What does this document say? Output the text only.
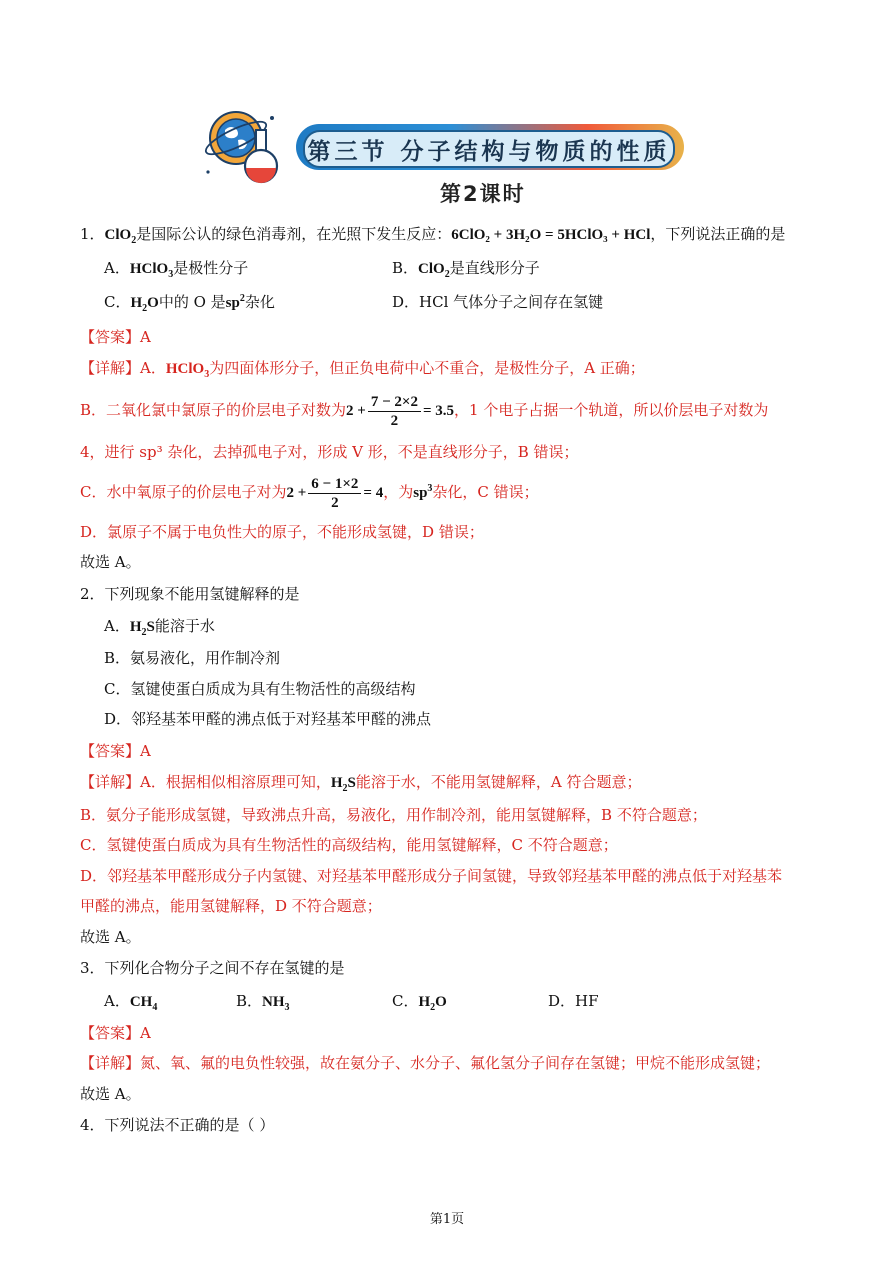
第三节 分子结构与物质的性质
第2课时
1．ClO$_2$是国际公认的绿色消毒剂，在光照下发生反应：6ClO₂ + 3H₂O = 5HClO₃ + HCl，下列说法正确的是
A．HClO$_3$是极性分子	B．ClO$_2$是直线形分子
C．$H_2O$中的 O 是$sp^2$杂化	D．HCl 气体分子之间存在氢键
【答案】A
【详解】A．HClO$_3$为四面体形分子，但正负电荷中心不重合，是极性分子，A 正确；
B．二氧化氯中氯原子的价层电子对数为$2 + \frac{7 - 2\times 2}{2} = 3.5$，1 个电子占据一个轨道，所以价层电子对数为
4，进行 sp³ 杂化，去掉孤电子对，形成 V 形，不是直线形分子，B 错误；
C．水中氧原子的价层电子对为$2 + \frac{6 - 1\times 2}{2} = 4$，为$sp^3$杂化，C 错误；
D．氯原子不属于电负性大的原子，不能形成氢键，D 错误；
故选 A。
2．下列现象不能用氢键解释的是
A．$H_2S$能溶于水
B．氨易液化，用作制冷剂
C．氢键使蛋白质成为具有生物活性的高级结构
D．邻羟基苯甲醛的沸点低于对羟基苯甲醛的沸点
【答案】A
【详解】A．根据相似相溶原理可知，$H_2S$能溶于水，不能用氢键解释，A 符合题意；
B．氨分子能形成氢键，导致沸点升高，易液化，用作制冷剂，能用氢键解释，B 不符合题意；
C．氢键使蛋白质成为具有生物活性的高级结构，能用氢键解释，C 不符合题意；
D．邻羟基苯甲醛形成分子内氢键、对羟基苯甲醛形成分子间氢键，导致邻羟基苯甲醛的沸点低于对羟基苯
甲醛的沸点，能用氢键解释，D 不符合题意；
故选 A。
3．下列化合物分子之间不存在氢键的是
A．$CH_4$	B．$NH_3$	C．$H_2O$	D．HF
【答案】A
【详解】氮、氧、氟的电负性较强，故在氨分子、水分子、氟化氢分子间存在氢键；甲烷不能形成氢键；
故选 A。
4．下列说法不正确的是（ ）
第1页
